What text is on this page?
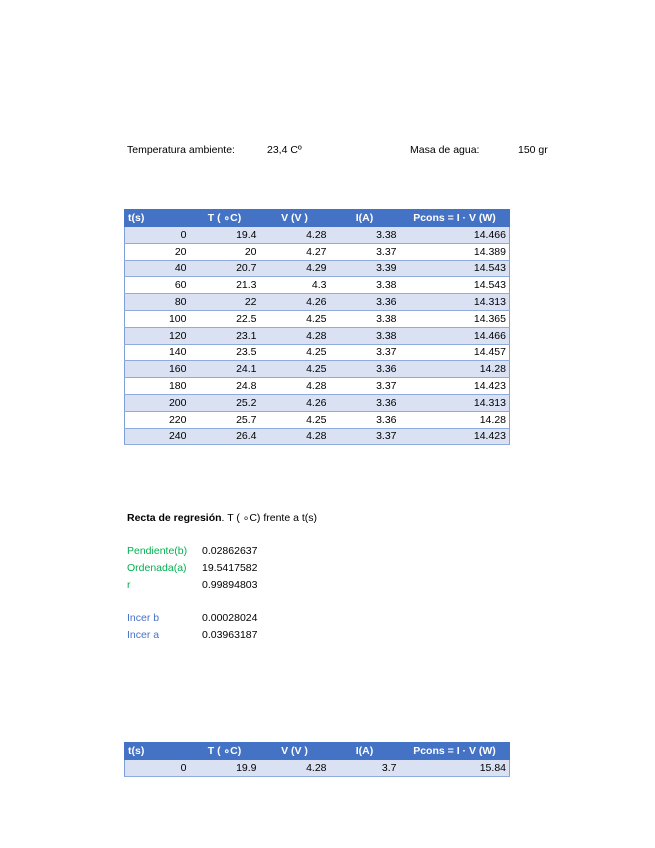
Temperatura ambiente:	23,4 Cº	Masa de agua:	150 gr
t(s)	T ( ∘C)	V (V )	I(A)	Pcons = I · V (W)
0	19.4	4.28	3.38	14.466
20	20	4.27	3.37	14.389
40	20.7	4.29	3.39	14.543
60	21.3	4.3	3.38	14.543
80	22	4.26	3.36	14.313
100	22.5	4.25	3.38	14.365
120	23.1	4.28	3.38	14.466
140	23.5	4.25	3.37	14.457
160	24.1	4.25	3.36	14.28
180	24.8	4.28	3.37	14.423
200	25.2	4.26	3.36	14.313
220	25.7	4.25	3.36	14.28
240	26.4	4.28	3.37	14.423
Recta de regresión. T ( ∘C) frente a t(s)
Pendiente(b) 0.02862637
Ordenada(a) 19.5417582
r	0.99894803
Incer b	0.00028024
Incer a	0.03963187
t(s)	T ( ∘C)	V (V )	I(A)	Pcons = I · V (W)
0	19.9	4.28	3.7	15.84
